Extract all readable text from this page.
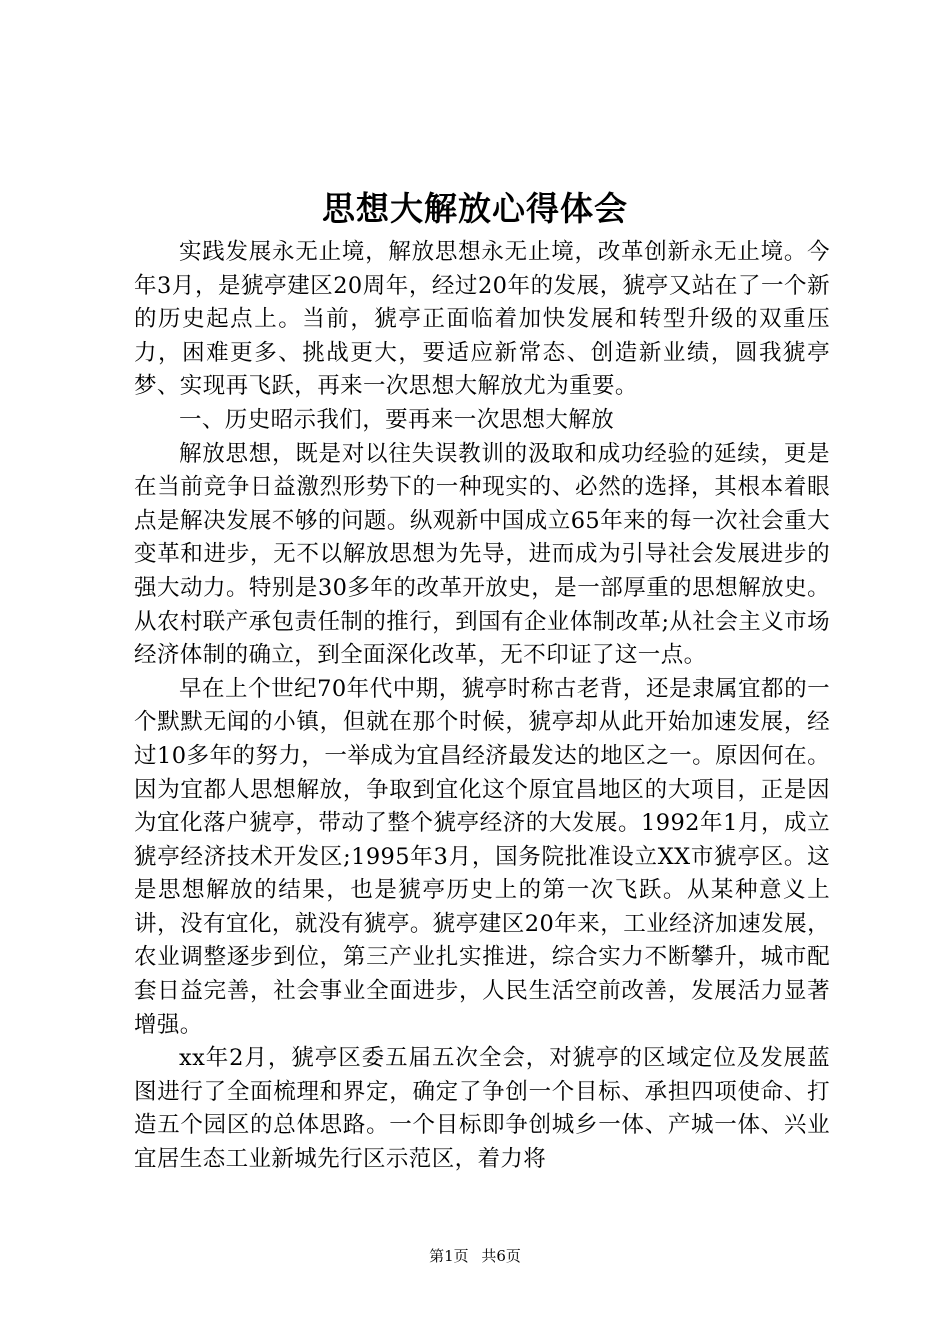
思想大解放心得体会

实践发展永无止境，解放思想永无止境，改革创新永无止境。今年3月，是猇亭建区20周年，经过20年的发展，猇亭又站在了一个新的历史起点上。当前，猇亭正面临着加快发展和转型升级的双重压力，困难更多、挑战更大，要适应新常态、创造新业绩，圆我猇亭梦、实现再飞跃，再来一次思想大解放尤为重要。

一、历史昭示我们，要再来一次思想大解放

解放思想，既是对以往失误教训的汲取和成功经验的延续，更是在当前竞争日益激烈形势下的一种现实的、必然的选择，其根本着眼点是解决发展不够的问题。纵观新中国成立65年来的每一次社会重大变革和进步，无不以解放思想为先导，进而成为引导社会发展进步的强大动力。特别是30多年的改革开放史，是一部厚重的思想解放史。从农村联产承包责任制的推行，到国有企业体制改革;从社会主义市场经济体制的确立，到全面深化改革，无不印证了这一点。

早在上个世纪70年代中期，猇亭时称古老背，还是隶属宜都的一个默默无闻的小镇，但就在那个时候，猇亭却从此开始加速发展，经过10多年的努力，一举成为宜昌经济最发达的地区之一。原因何在。因为宜都人思想解放，争取到宜化这个原宜昌地区的大项目，正是因为宜化落户猇亭，带动了整个猇亭经济的大发展。1992年1月，成立猇亭经济技术开发区;1995年3月，国务院批准设立XX市猇亭区。这是思想解放的结果，也是猇亭历史上的第一次飞跃。从某种意义上讲，没有宜化，就没有猇亭。猇亭建区20年来，工业经济加速发展，农业调整逐步到位，第三产业扎实推进，综合实力不断攀升，城市配套日益完善，社会事业全面进步，人民生活空前改善，发展活力显著增强。

xx年2月，猇亭区委五届五次全会，对猇亭的区域定位及发展蓝图进行了全面梳理和界定，确定了争创一个目标、承担四项使命、打造五个园区的总体思路。一个目标即争创城乡一体、产城一体、兴业宜居生态工业新城先行区示范区，着力将

第1页 共6页
